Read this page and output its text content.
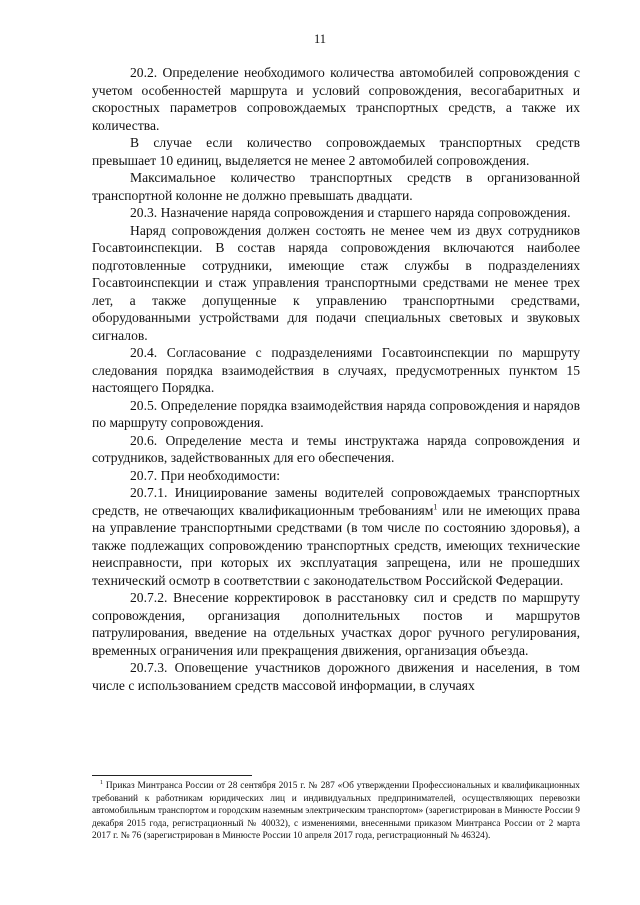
11

20.2. Определение необходимого количества автомобилей сопровождения с учетом особенностей маршрута и условий сопровождения, весогабаритных и скоростных параметров сопровождаемых транспортных средств, а также их количества.

В случае если количество сопровождаемых транспортных средств превышает 10 единиц, выделяется не менее 2 автомобилей сопровождения.

Максимальное количество транспортных средств в организованной транспортной колонне не должно превышать двадцати.

20.3. Назначение наряда сопровождения и старшего наряда сопровождения.

Наряд сопровождения должен состоять не менее чем из двух сотрудников Госавтоинспекции. В состав наряда сопровождения включаются наиболее подготовленные сотрудники, имеющие стаж службы в подразделениях Госавтоинспекции и стаж управления транспортными средствами не менее трех лет, а также допущенные к управлению транспортными средствами, оборудованными устройствами для подачи специальных световых и звуковых сигналов.

20.4. Согласование с подразделениями Госавтоинспекции по маршруту следования порядка взаимодействия в случаях, предусмотренных пунктом 15 настоящего Порядка.

20.5. Определение порядка взаимодействия наряда сопровождения и нарядов по маршруту сопровождения.

20.6. Определение места и темы инструктажа наряда сопровождения и сотрудников, задействованных для его обеспечения.

20.7. При необходимости:

20.7.1. Инициирование замены водителей сопровождаемых транспортных средств, не отвечающих квалификационным требованиям$^1$ или не имеющих права на управление транспортными средствами (в том числе по состоянию здоровья), а также подлежащих сопровождению транспортных средств, имеющих технические неисправности, при которых их эксплуатация запрещена, или не прошедших технический осмотр в соответствии с законодательством Российской Федерации.

20.7.2. Внесение корректировок в расстановку сил и средств по маршруту сопровождения, организация дополнительных постов и маршрутов патрулирования, введение на отдельных участках дорог ручного регулирования, временных ограничения или прекращения движения, организация объезда.

20.7.3. Оповещение участников дорожного движения и населения, в том числе с использованием средств массовой информации, в случаях

$^1$ Приказ Минтранса России от 28 сентября 2015 г. № 287 «Об утверждении Профессиональных и квалификационных требований к работникам юридических лиц и индивидуальных предпринимателей, осуществляющих перевозки автомобильным транспортом и городским наземным электрическим транспортом» (зарегистрирован в Минюсте России 9 декабря 2015 года, регистрационный № 40032), с изменениями, внесенными приказом Минтранса России от 2 марта 2017 г. № 76 (зарегистрирован в Минюсте России 10 апреля 2017 года, регистрационный № 46324).
